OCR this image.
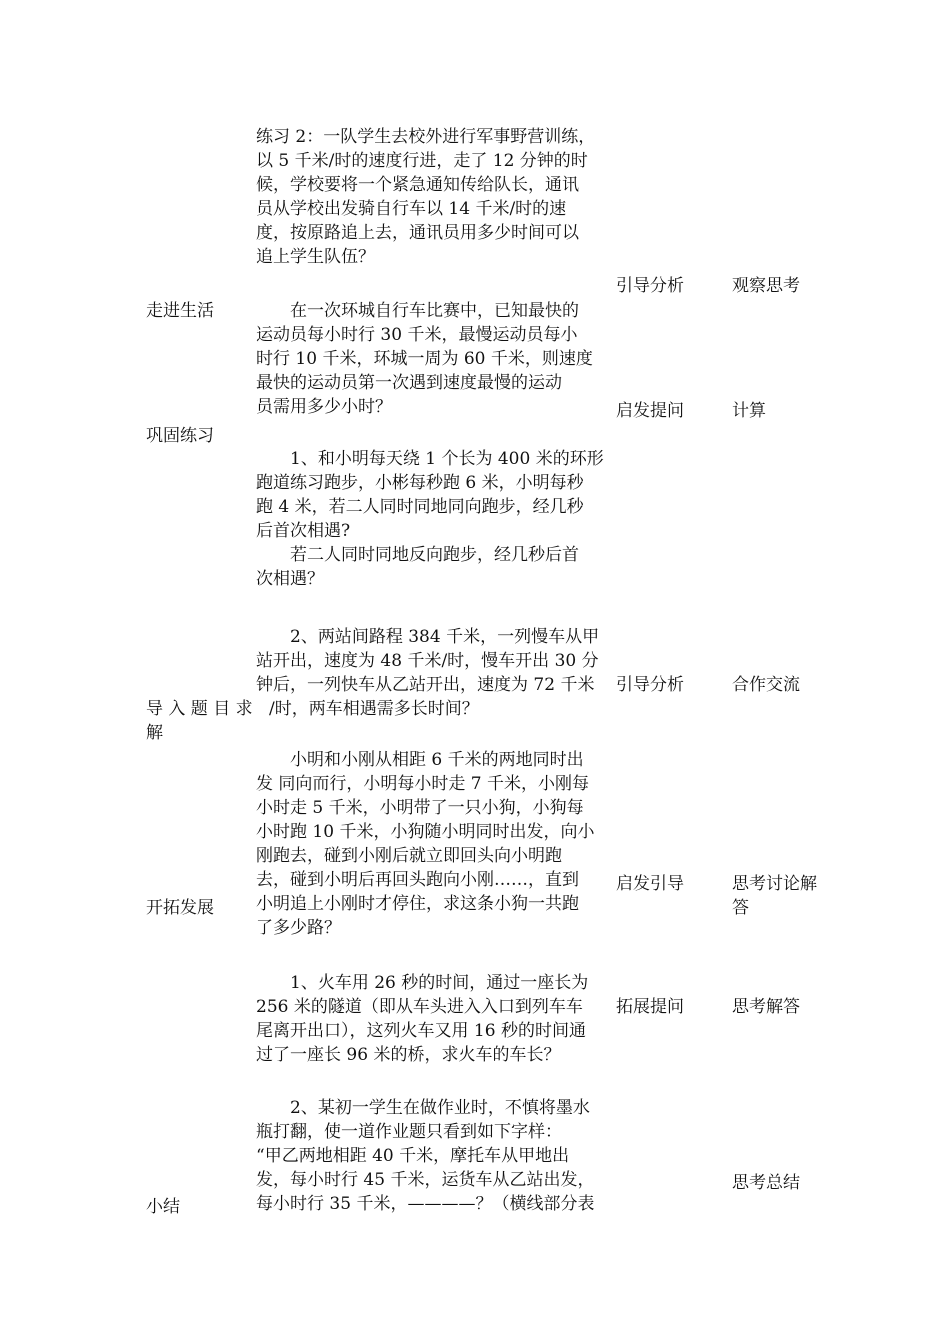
练习 2：一队学生去校外进行军事野营训练，
以 5 千米/时的速度行进，走了 12 分钟的时
候，学校要将一个紧急通知传给队长，通讯
员从学校出发骑自行车以 14 千米/时的速
度，按原路追上去，通讯员用多少时间可以
追上学生队伍？
在一次环城自行车比赛中，已知最快的
运动员每小时行 30 千米，最慢运动员每小
时行 10 千米，环城一周为 60 千米，则速度
最快的运动员第一次遇到速度最慢的运动
员需用多少小时？
1、和小明每天绕 1 个长为 400 米的环形
跑道练习跑步，小彬每秒跑 6 米，小明每秒
跑 4 米，若二人同时同地同向跑步，经几秒
后首次相遇?
若二人同时同地反向跑步，经几秒后首
次相遇？
2、两站间路程 384 千米，一列慢车从甲
站开出，速度为 48 千米/时，慢车开出 30 分
钟后，一列快车从乙站开出，速度为 72 千米
/时，两车相遇需多长时间？
小明和小刚从相距 6 千米的两地同时出
发 同向而行，小明每小时走 7 千米，小刚每
小时走 5 千米，小明带了一只小狗，小狗每
小时跑 10 千米，小狗随小明同时出发，向小
刚跑去，碰到小刚后就立即回头向小明跑
去，碰到小明后再回头跑向小刚……，直到
小明追上小刚时才停住，求这条小狗一共跑
了多少路？
1、火车用 26 秒的时间，通过一座长为
256 米的隧道（即从车头进入入口到列车车
尾离开出口），这列火车又用 16 秒的时间通
过了一座长 96 米的桥，求火车的车长？
2、某初一学生在做作业时，不慎将墨水
瓶打翻，使一道作业题只看到如下字样：
“甲乙两地相距 40 千米，摩托车从甲地出
发，每小时行 45 千米，运货车从乙站出发，
每小时行 35 千米，————？（横线部分表
走进生活
巩固练习
导 入 题 目 求
解
开拓发展
小结
引导分析
启发提问
引导分析
启发引导
拓展提问
观察思考
计算
合作交流
思考讨论解
答
思考解答
思考总结
